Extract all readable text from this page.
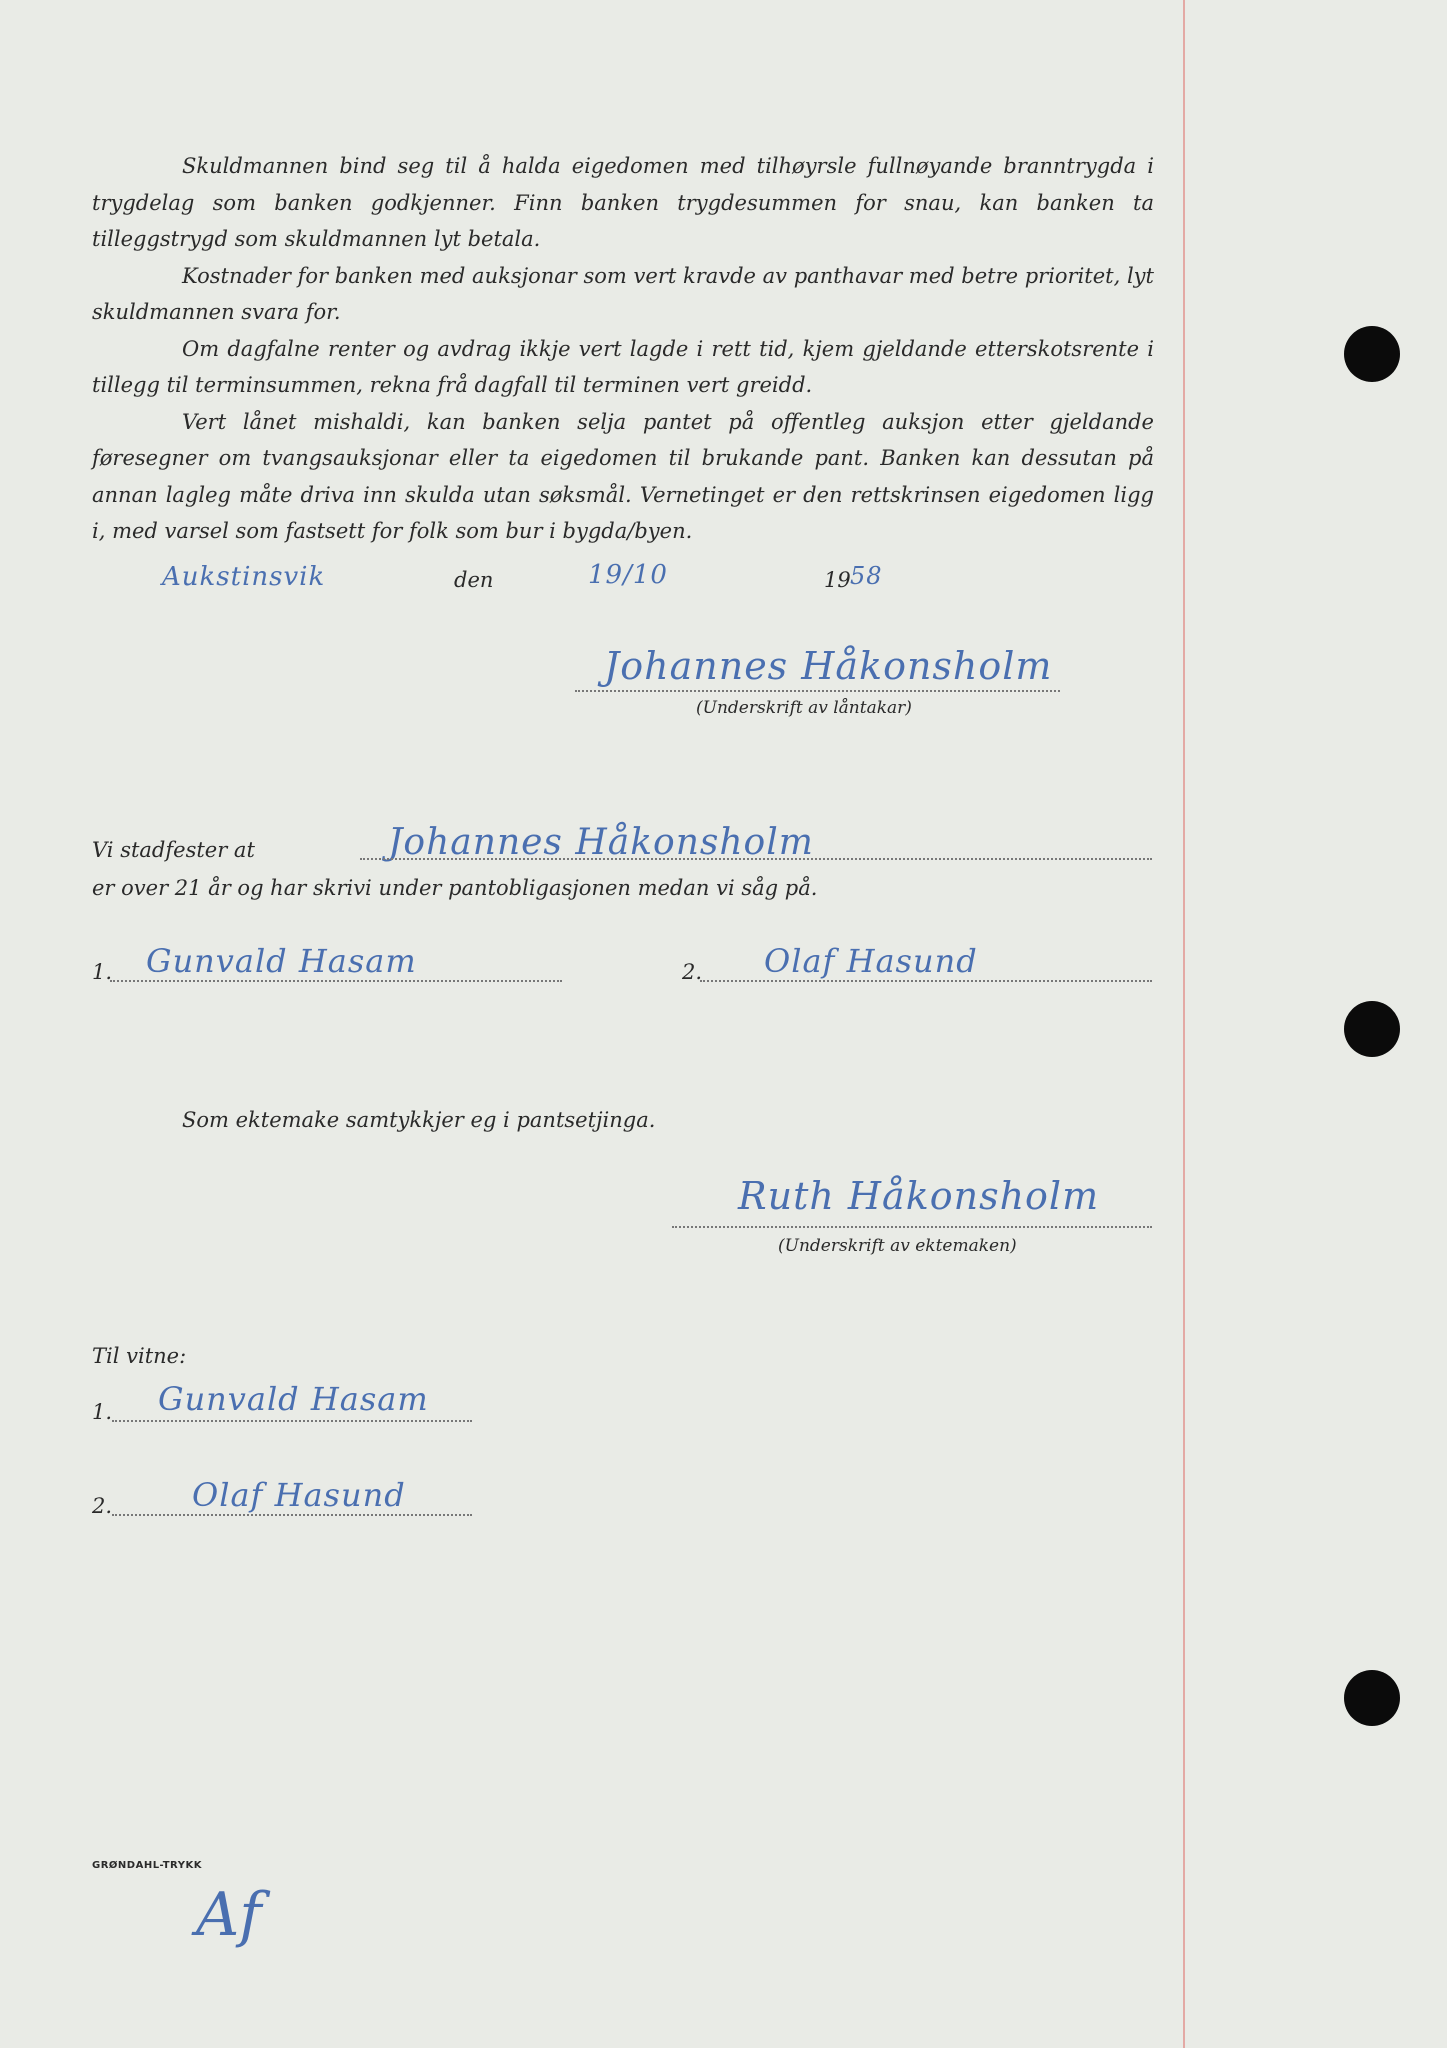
Skuldmannen bind seg til å halda eigedomen med tilhøyrsle fullnøyande branntrygda i trygdelag som banken godkjenner. Finn banken trygdesummen for snau, kan banken ta tilleggstrygd som skuldmannen lyt betala.

Kostnader for banken med auksjonar som vert kravde av panthavar med betre prioritet, lyt skuldmannen svara for.

Om dagfalne renter og avdrag ikkje vert lagde i rett tid, kjem gjeldande etterskotsrente i tillegg til terminsummen, rekna frå dagfall til terminen vert greidd.

Vert lånet mishaldi, kan banken selja pantet på offentleg auksjon etter gjeldande føresegner om tvangsauksjonar eller ta eigedomen til brukande pant. Banken kan dessutan på annan lagleg måte driva inn skulda utan søksmål. Vernetinget er den rettskrinsen eigedomen ligg i, med varsel som fastsett for folk som bur i bygda/byen.

Aukstinsvik	den	19/10	19 58
Johannes Håkonsholm
(Underskrift av låntakar)
Vi stadfester at	Johannes Håkonsholm
er over 21 år og har skrivi under pantobligasjonen medan vi såg på.
1. Gunvald Hasam	2. Olaf Hasund
Som ektemake samtykkjer eg i pantsetjinga.
Ruth Håkonsholm
(Underskrift av ektemaken)
Til vitne:
1. Gunvald Hasam
2. Olaf Hasund
GRØNDAHL-TRYKK
Af
